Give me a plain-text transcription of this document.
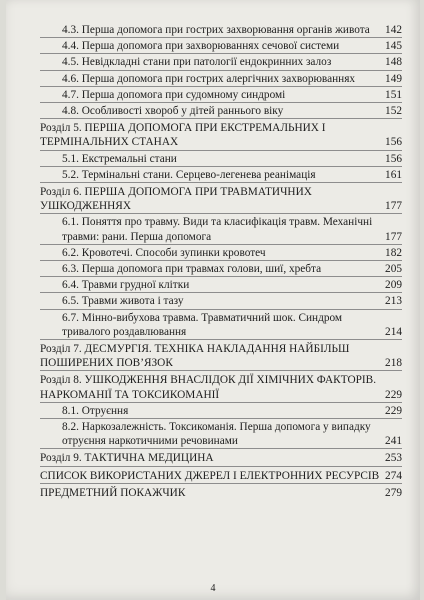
4.3. Перша допомога при гострих захворювання органів живота	142
4.4. Перша допомога при захворюваннях сечової системи	145
4.5. Невідкладні стани при патології ендокринних залоз	148
4.6. Перша допомога при гострих алергічних захворюваннях	149
4.7. Перша допомога при судомному синдромі	151
4.8. Особливості хвороб у дітей раннього віку	152
Розділ 5. ПЕРША ДОПОМОГА ПРИ ЕКСТРЕМАЛЬНИХ І ТЕРМІНАЛЬНИХ СТАНАХ	156
5.1. Екстремальні стани	156
5.2. Термінальні стани. Серцево-легенева реанімація	161
Розділ 6. ПЕРША ДОПОМОГА ПРИ ТРАВМАТИЧНИХ УШКОДЖЕННЯХ	177
6.1. Поняття про травму. Види та класифікація травм. Механічні травми: рани. Перша допомога	177
6.2. Кровотечі. Способи зупинки кровотеч	182
6.3. Перша допомога при травмах голови, шиї, хребта	205
6.4. Травми грудної клітки	209
6.5. Травми живота і тазу	213
6.7. Мінно-вибухова травма. Травматичний шок. Синдром тривалого роздавлювання	214
Розділ 7. ДЕСМУРГІЯ. ТЕХНІКА НАКЛАДАННЯ НАЙБІЛЬШ ПОШИРЕНИХ ПОВ’ЯЗОК	218
Розділ 8. УШКОДЖЕННЯ ВНАСЛІДОК ДІЇ ХІМІЧНИХ ФАКТОРІВ. НАРКОМАНІЇ ТА ТОКСИКОМАНІЇ	229
8.1. Отруєння	229
8.2. Наркозалежність. Токсикоманія. Перша допомога у випадку отруєння наркотичними речовинами	241
Розділ 9. ТАКТИЧНА МЕДИЦИНА	253
СПИСОК ВИКОРИСТАНИХ ДЖЕРЕЛ І ЕЛЕКТРОННИХ РЕСУРСІВ 274
ПРЕДМЕТНИЙ ПОКАЖЧИК	279
4
